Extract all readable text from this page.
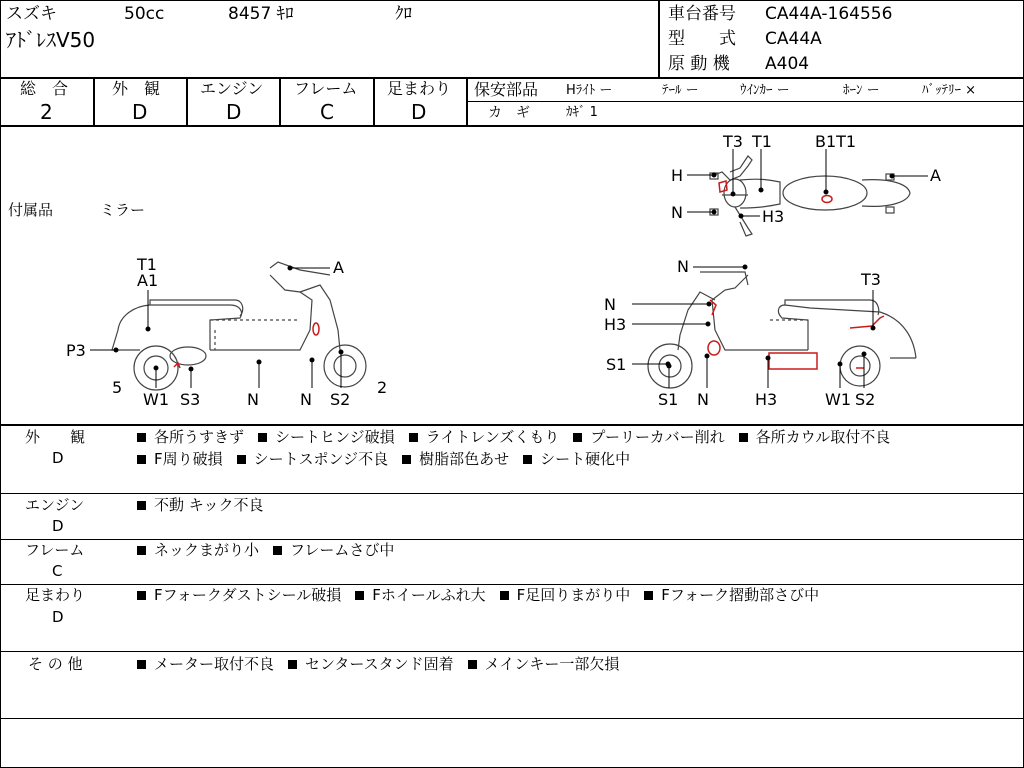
スズキ	50cc	8457 ｷﾛ	ｸﾛ
ｱﾄﾞﾚｽV50
車台番号 CA44A-164556
型　　式 CA44A
原 動 機 A404
総　合
2
外　観
D
エンジン
D
フレーム
C
足まわり
D
保安部品 Hﾗｲﾄ ー	ﾃｰﾙ ー	ｳｲﾝｶｰ ー	ﾎｰﾝ ー	ﾊﾞｯﾃﾘｰ ×
カ　ギ	ｶｷﾞ 1
付属品	ミラー
T3 T1	B1T1
H	A
N	H3
T1
A1
A
P3
5
W1 S3	N	N S2
2
N
T3
N
H3
S1
S1 N	H3	W1 S2
外　　観
D
各所うすきず シートヒンジ破損 ライトレンズくもり プーリーカバー削れ 各所カウル取付不良
F周り破損 シートスポンジ不良 樹脂部色あせ シート硬化中
エンジン
D
不動 キック不良
フレーム
C
ネックまがり小 フレームさび中
足まわり
D
Fフォークダストシール破損 Fホイールふれ大 F足回りまがり中 Fフォーク摺動部さび中
そ の 他	メーター取付不良 センタースタンド固着 メインキー一部欠損
